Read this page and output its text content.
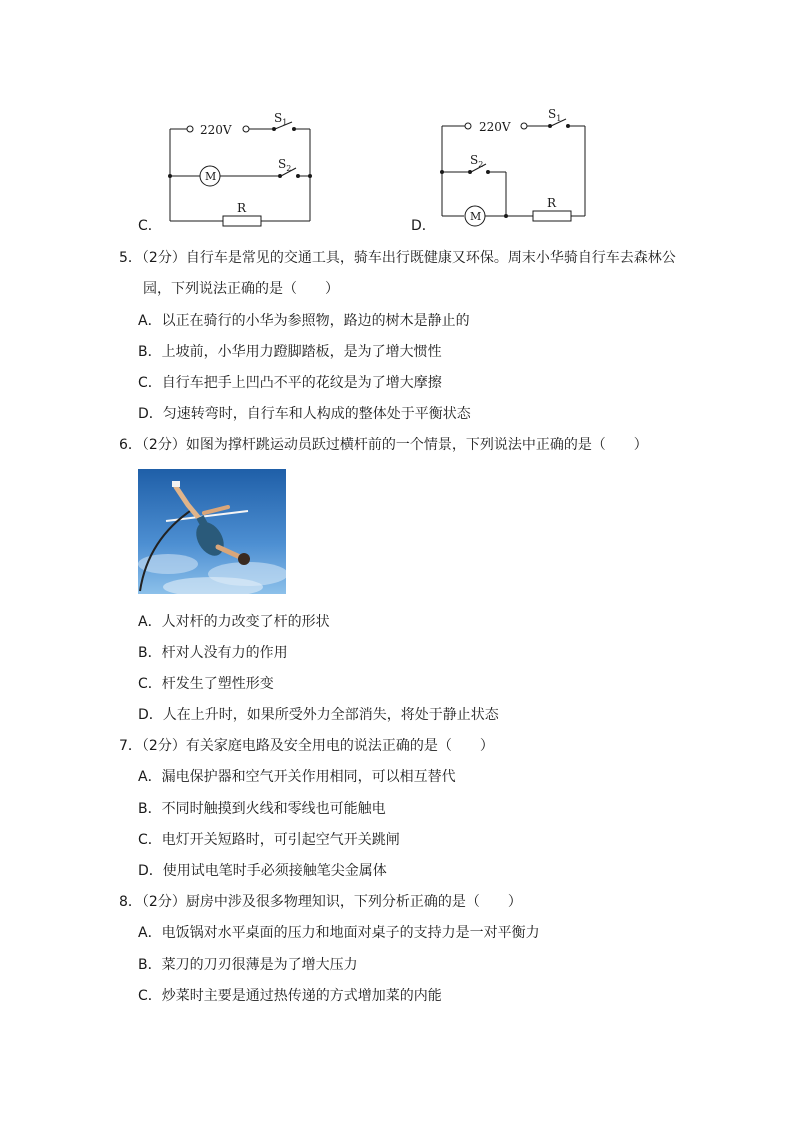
220V
$S_1$
$S_2$
M
R
C．
220V
$S_1$
$S_2$
M
R
D．
5．（2分）自行车是常见的交通工具，骑车出行既健康又环保。周末小华骑自行车去森林公
园，下列说法正确的是（　　）
A．以正在骑行的小华为参照物，路边的树木是静止的
B．上坡前，小华用力蹬脚踏板，是为了增大惯性
C．自行车把手上凹凸不平的花纹是为了增大摩擦
D．匀速转弯时，自行车和人构成的整体处于平衡状态
6．（2分）如图为撑杆跳运动员跃过横杆前的一个情景，下列说法中正确的是（　　）
A．人对杆的力改变了杆的形状
B．杆对人没有力的作用
C．杆发生了塑性形变
D．人在上升时，如果所受外力全部消失，将处于静止状态
7．（2分）有关家庭电路及安全用电的说法正确的是（　　）
A．漏电保护器和空气开关作用相同，可以相互替代
B．不同时触摸到火线和零线也可能触电
C．电灯开关短路时，可引起空气开关跳闸
D．使用试电笔时手必须接触笔尖金属体
8．（2分）厨房中涉及很多物理知识，下列分析正确的是（　　）
A．电饭锅对水平桌面的压力和地面对桌子的支持力是一对平衡力
B．菜刀的刀刃很薄是为了增大压力
C．炒菜时主要是通过热传递的方式增加菜的内能
